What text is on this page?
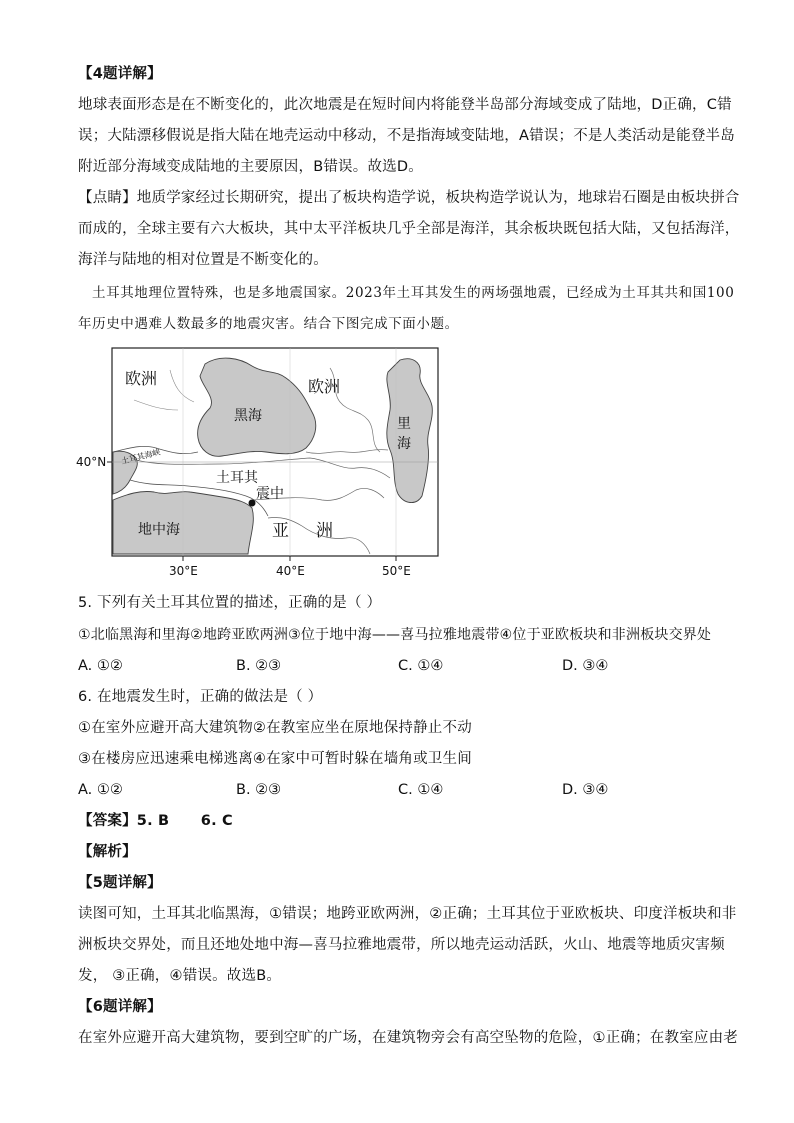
【4题详解】
地球表面形态是在不断变化的，此次地震是在短时间内将能登半岛部分海域变成了陆地，D正确，C错
误；大陆漂移假说是指大陆在地壳运动中移动，不是指海域变陆地，A错误；不是人类活动是能登半岛
附近部分海域变成陆地的主要原因，B错误。故选D。
【点睛】地质学家经过长期研究，提出了板块构造学说，板块构造学说认为，地球岩石圈是由板块拼合
而成的，全球主要有六大板块，其中太平洋板块几乎全部是海洋，其余板块既包括大陆，又包括海洋，
海洋与陆地的相对位置是不断变化的。
土耳其地理位置特殊，也是多地震国家。2023年土耳其发生的两场强地震，已经成为土耳其共和国100
年历史中遇难人数最多的地震灾害。结合下图完成下面小题。
欧洲	欧洲
黑海	里
海
土耳其
震中
亚 洲
地中海
土耳其海峡
40°N
30°E	40°E	50°E
5. 下列有关土耳其位置的描述，正确的是（ ）
①北临黑海和里海②地跨亚欧两洲③位于地中海——喜马拉雅地震带④位于亚欧板块和非洲板块交界处
A. ①②	B. ②③	C. ①④	D. ③④
6. 在地震发生时，正确的做法是（ ）
①在室外应避开高大建筑物②在教室应坐在原地保持静止不动
③在楼房应迅速乘电梯逃离④在家中可暂时躲在墙角或卫生间
A. ①②	B. ②③	C. ①④	D. ③④
【答案】5. B      6. C
【解析】
【5题详解】
读图可知，土耳其北临黑海，①错误；地跨亚欧两洲，②正确；土耳其位于亚欧板块、印度洋板块和非
洲板块交界处，而且还地处地中海—喜马拉雅地震带，所以地壳运动活跃，火山、地震等地质灾害频
发， ③正确，④错误。故选B。
【6题详解】
在室外应避开高大建筑物，要到空旷的广场，在建筑物旁会有高空坠物的危险，①正确；在教室应由老
